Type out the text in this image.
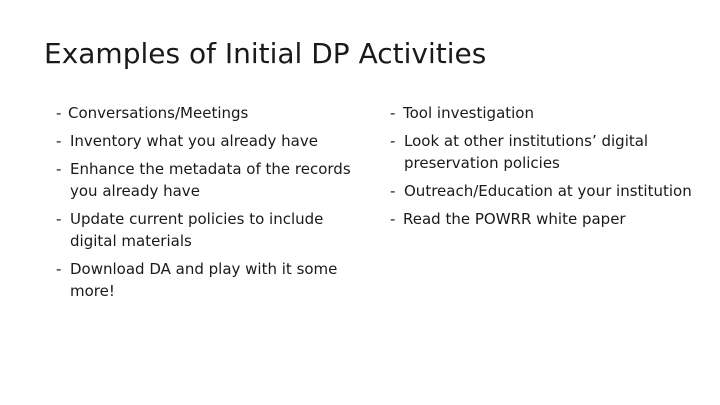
Examples of Initial DP Activities
- Conversations/Meetings
- Inventory what you already have
- Enhance the metadata of the records you already have
- Update current policies to include digital materials
- Download DA and play with it some more!
- Tool investigation
- Look at other institutions’ digital preservation policies
- Outreach/Education at your institution
- Read the POWRR white paper
